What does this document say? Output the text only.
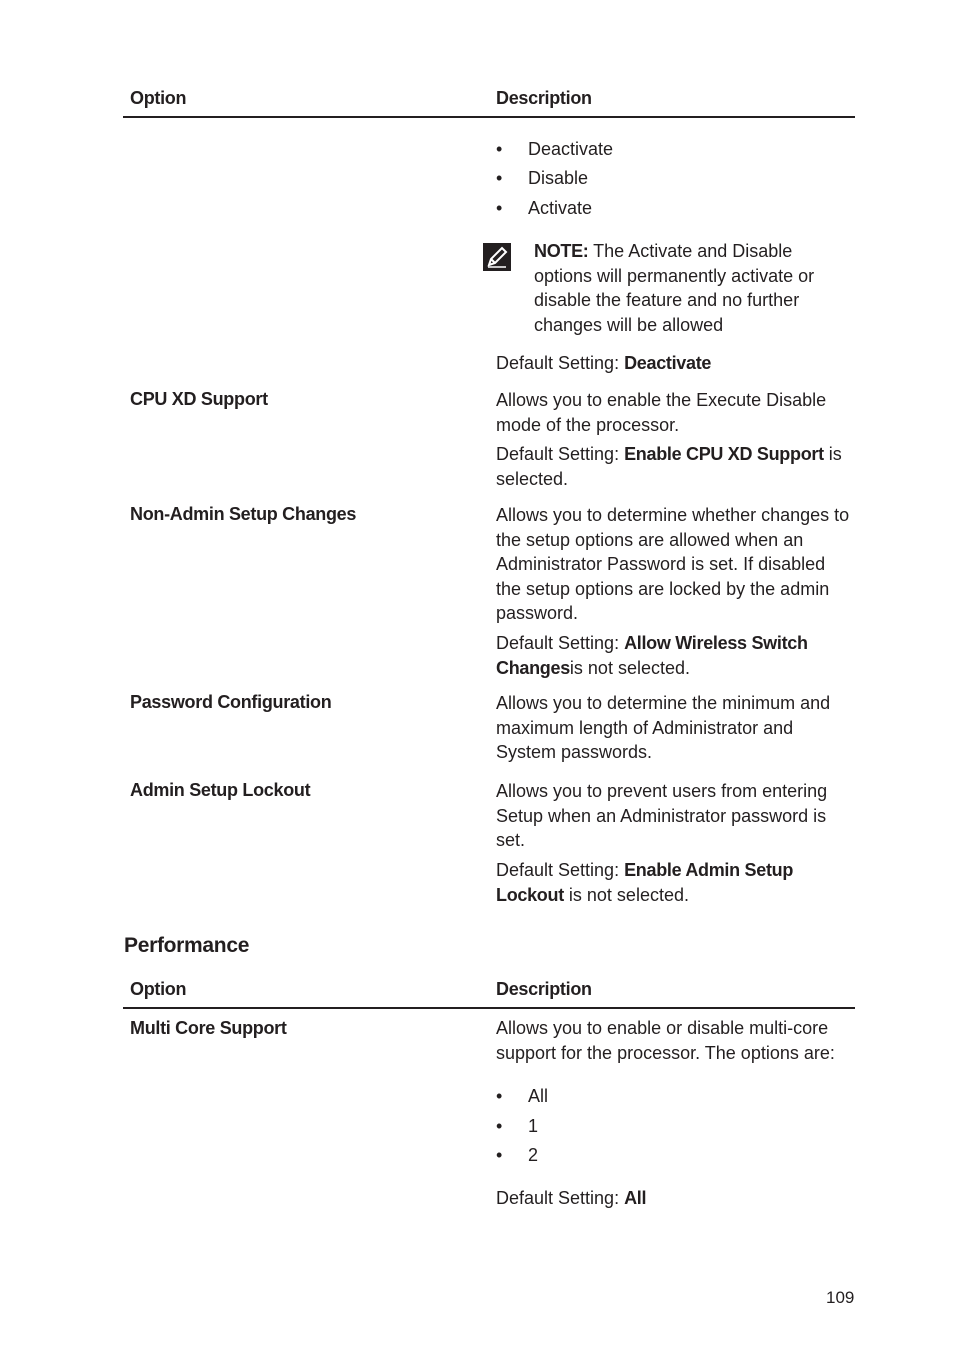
Option	Description
• Deactivate
• Disable
• Activate
NOTE: The Activate and Disable options will permanently activate or disable the feature and no further changes will be allowed
Default Setting: Deactivate
CPU XD Support	Allows you to enable the Execute Disable mode of the processor.
Default Setting: Enable CPU XD Support is selected.
Non-Admin Setup Changes	Allows you to determine whether changes to the setup options are allowed when an Administrator Password is set. If disabled the setup options are locked by the admin password.
Default Setting: Allow Wireless Switch Changesis not selected.
Password Configuration	Allows you to determine the minimum and maximum length of Administrator and System passwords.
Admin Setup Lockout	Allows you to prevent users from entering Setup when an Administrator password is set.
Default Setting: Enable Admin Setup Lockout is not selected.
Performance
Option	Description
Multi Core Support	Allows you to enable or disable multi-core support for the processor. The options are:
• All
• 1
• 2
Default Setting: All
109
